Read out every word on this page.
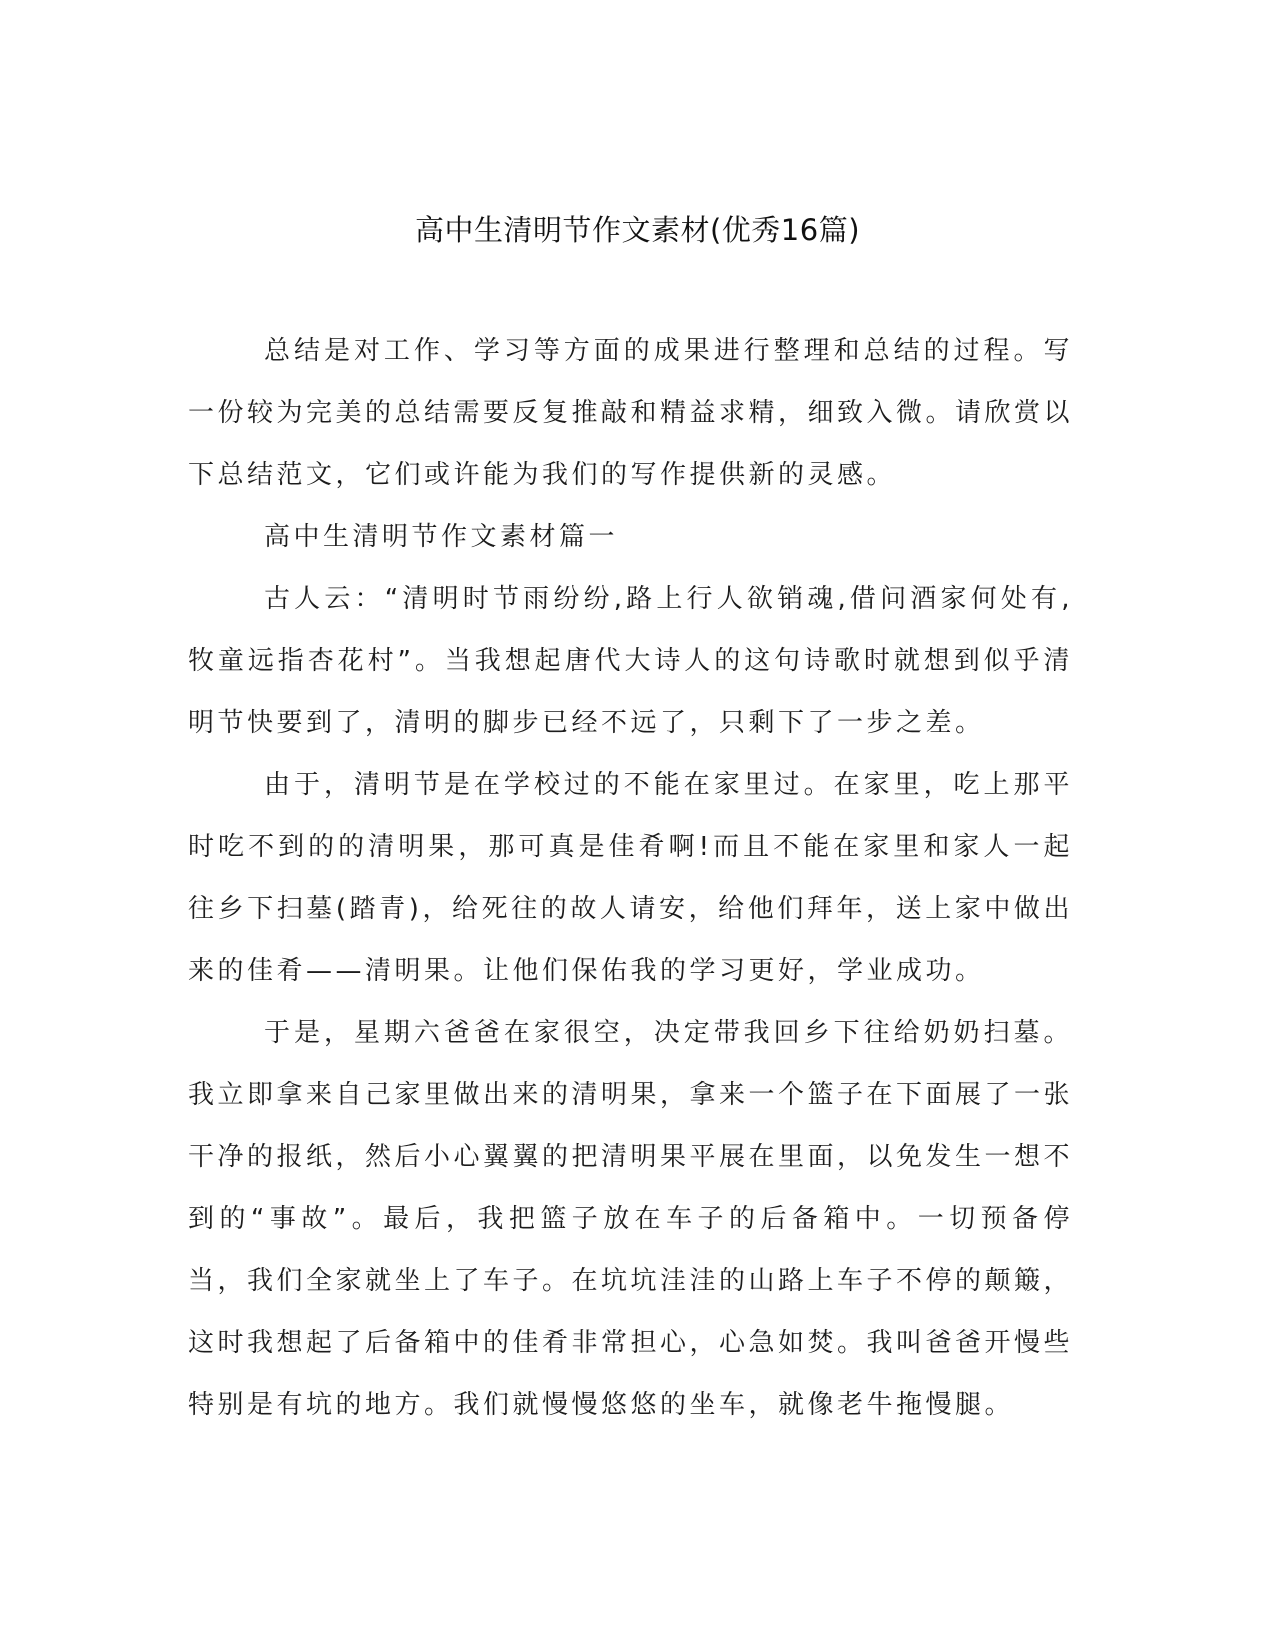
高中生清明节作文素材(优秀16篇)

总结是对工作、学习等方面的成果进行整理和总结的过程。写一份较为完美的总结需要反复推敲和精益求精，细致入微。请欣赏以下总结范文，它们或许能为我们的写作提供新的灵感。

高中生清明节作文素材篇一

古人云：“清明时节雨纷纷,路上行人欲销魂,借问酒家何处有,牧童远指杏花村”。当我想起唐代大诗人的这句诗歌时就想到似乎清明节快要到了，清明的脚步已经不远了，只剩下了一步之差。

由于，清明节是在学校过的不能在家里过。在家里，吃上那平时吃不到的的清明果，那可真是佳肴啊!而且不能在家里和家人一起往乡下扫墓(踏青)，给死往的故人请安，给他们拜年，送上家中做出来的佳肴——清明果。让他们保佑我的学习更好，学业成功。

于是，星期六爸爸在家很空，决定带我回乡下往给奶奶扫墓。我立即拿来自己家里做出来的清明果，拿来一个篮子在下面展了一张干净的报纸，然后小心翼翼的把清明果平展在里面，以免发生一想不到的“事故”。最后，我把篮子放在车子的后备箱中。一切预备停当，我们全家就坐上了车子。在坑坑洼洼的山路上车子不停的颠簸，这时我想起了后备箱中的佳肴非常担心，心急如焚。我叫爸爸开慢些特别是有坑的地方。我们就慢慢悠悠的坐车，就像老牛拖慢腿。
